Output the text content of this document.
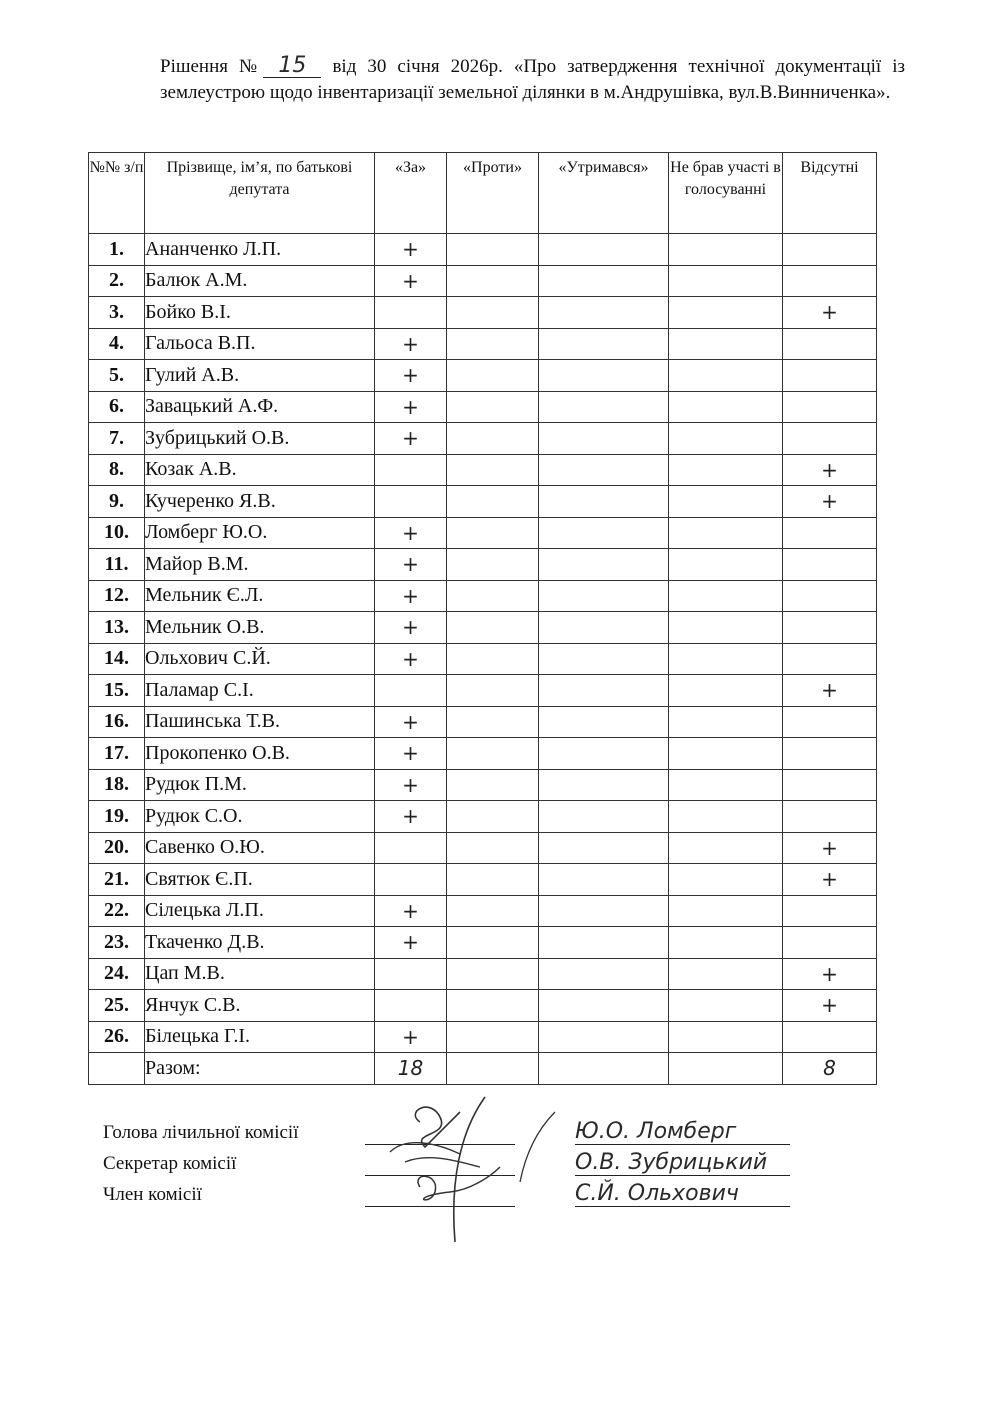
Рішення № 15 від 30 січня 2026р. «Про затвердження технічної документації із землеустрою щодо інвентаризації земельної ділянки в м.Андрушівка, вул.В.Винниченка».
№№ з/п	Прізвище, ім’я, по батькові депутата	«За»	«Проти»	«Утримався»	Не брав участі в голосуванні	Відсутні
1.	Ананченко Л.П.	+				
2.	Балюк А.М.	+				
3.	Бойко В.І.					+
4.	Гальоса В.П.	+				
5.	Гулий А.В.	+				
6.	Завацький А.Ф.	+				
7.	Зубрицький О.В.	+				
8.	Козак А.В.					+
9.	Кучеренко Я.В.					+
10.	Ломберг Ю.О.	+				
11.	Майор В.М.	+				
12.	Мельник Є.Л.	+				
13.	Мельник О.В.	+				
14.	Ольхович С.Й.	+				
15.	Паламар С.І.					+
16.	Пашинська Т.В.	+				
17.	Прокопенко О.В.	+				
18.	Рудюк П.М.	+				
19.	Рудюк С.О.	+				
20.	Савенко О.Ю.					+
21.	Святюк Є.П.					+
22.	Сілецька Л.П.	+				
23.	Ткаченко Д.В.	+				
24.	Цап М.В.					+
25.	Янчук С.В.					+
26.	Білецька Г.І.	+				
	Разом:	18				8
Голова лічильної комісії	Ю.О. Ломберг
Секретар комісії	О.В. Зубрицький
Член комісії	С.Й. Ольхович
